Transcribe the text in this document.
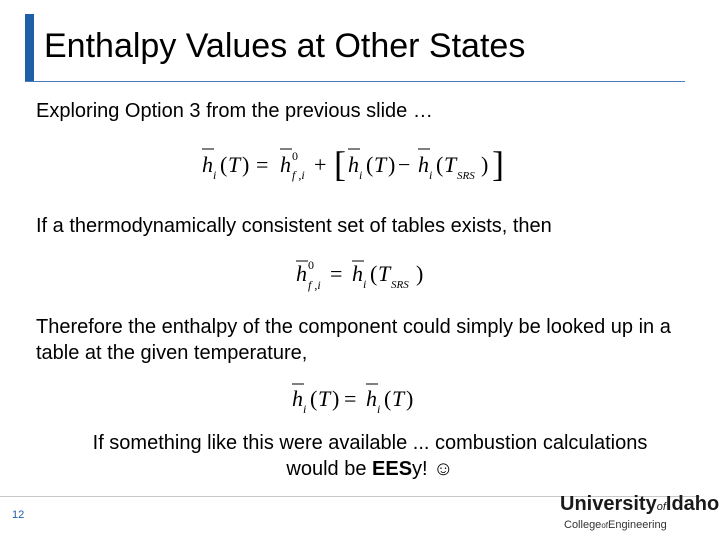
Enthalpy Values at Other States
Exploring Option 3 from the previous slide …
h i ( T ) = h 0
f ,i + [ h i ( T ) − h i ( T SRS ) ]
If a thermodynamically consistent set of tables exists, then
h 0
f ,i = h i ( T SRS )
Therefore the enthalpy of the component could simply be looked up in a table at the given temperature,
h i ( T ) = h i ( T )
If something like this were available ... combustion calculations would be EESy! ☺
12	UniversityofIdaho
CollegeofEngineering
